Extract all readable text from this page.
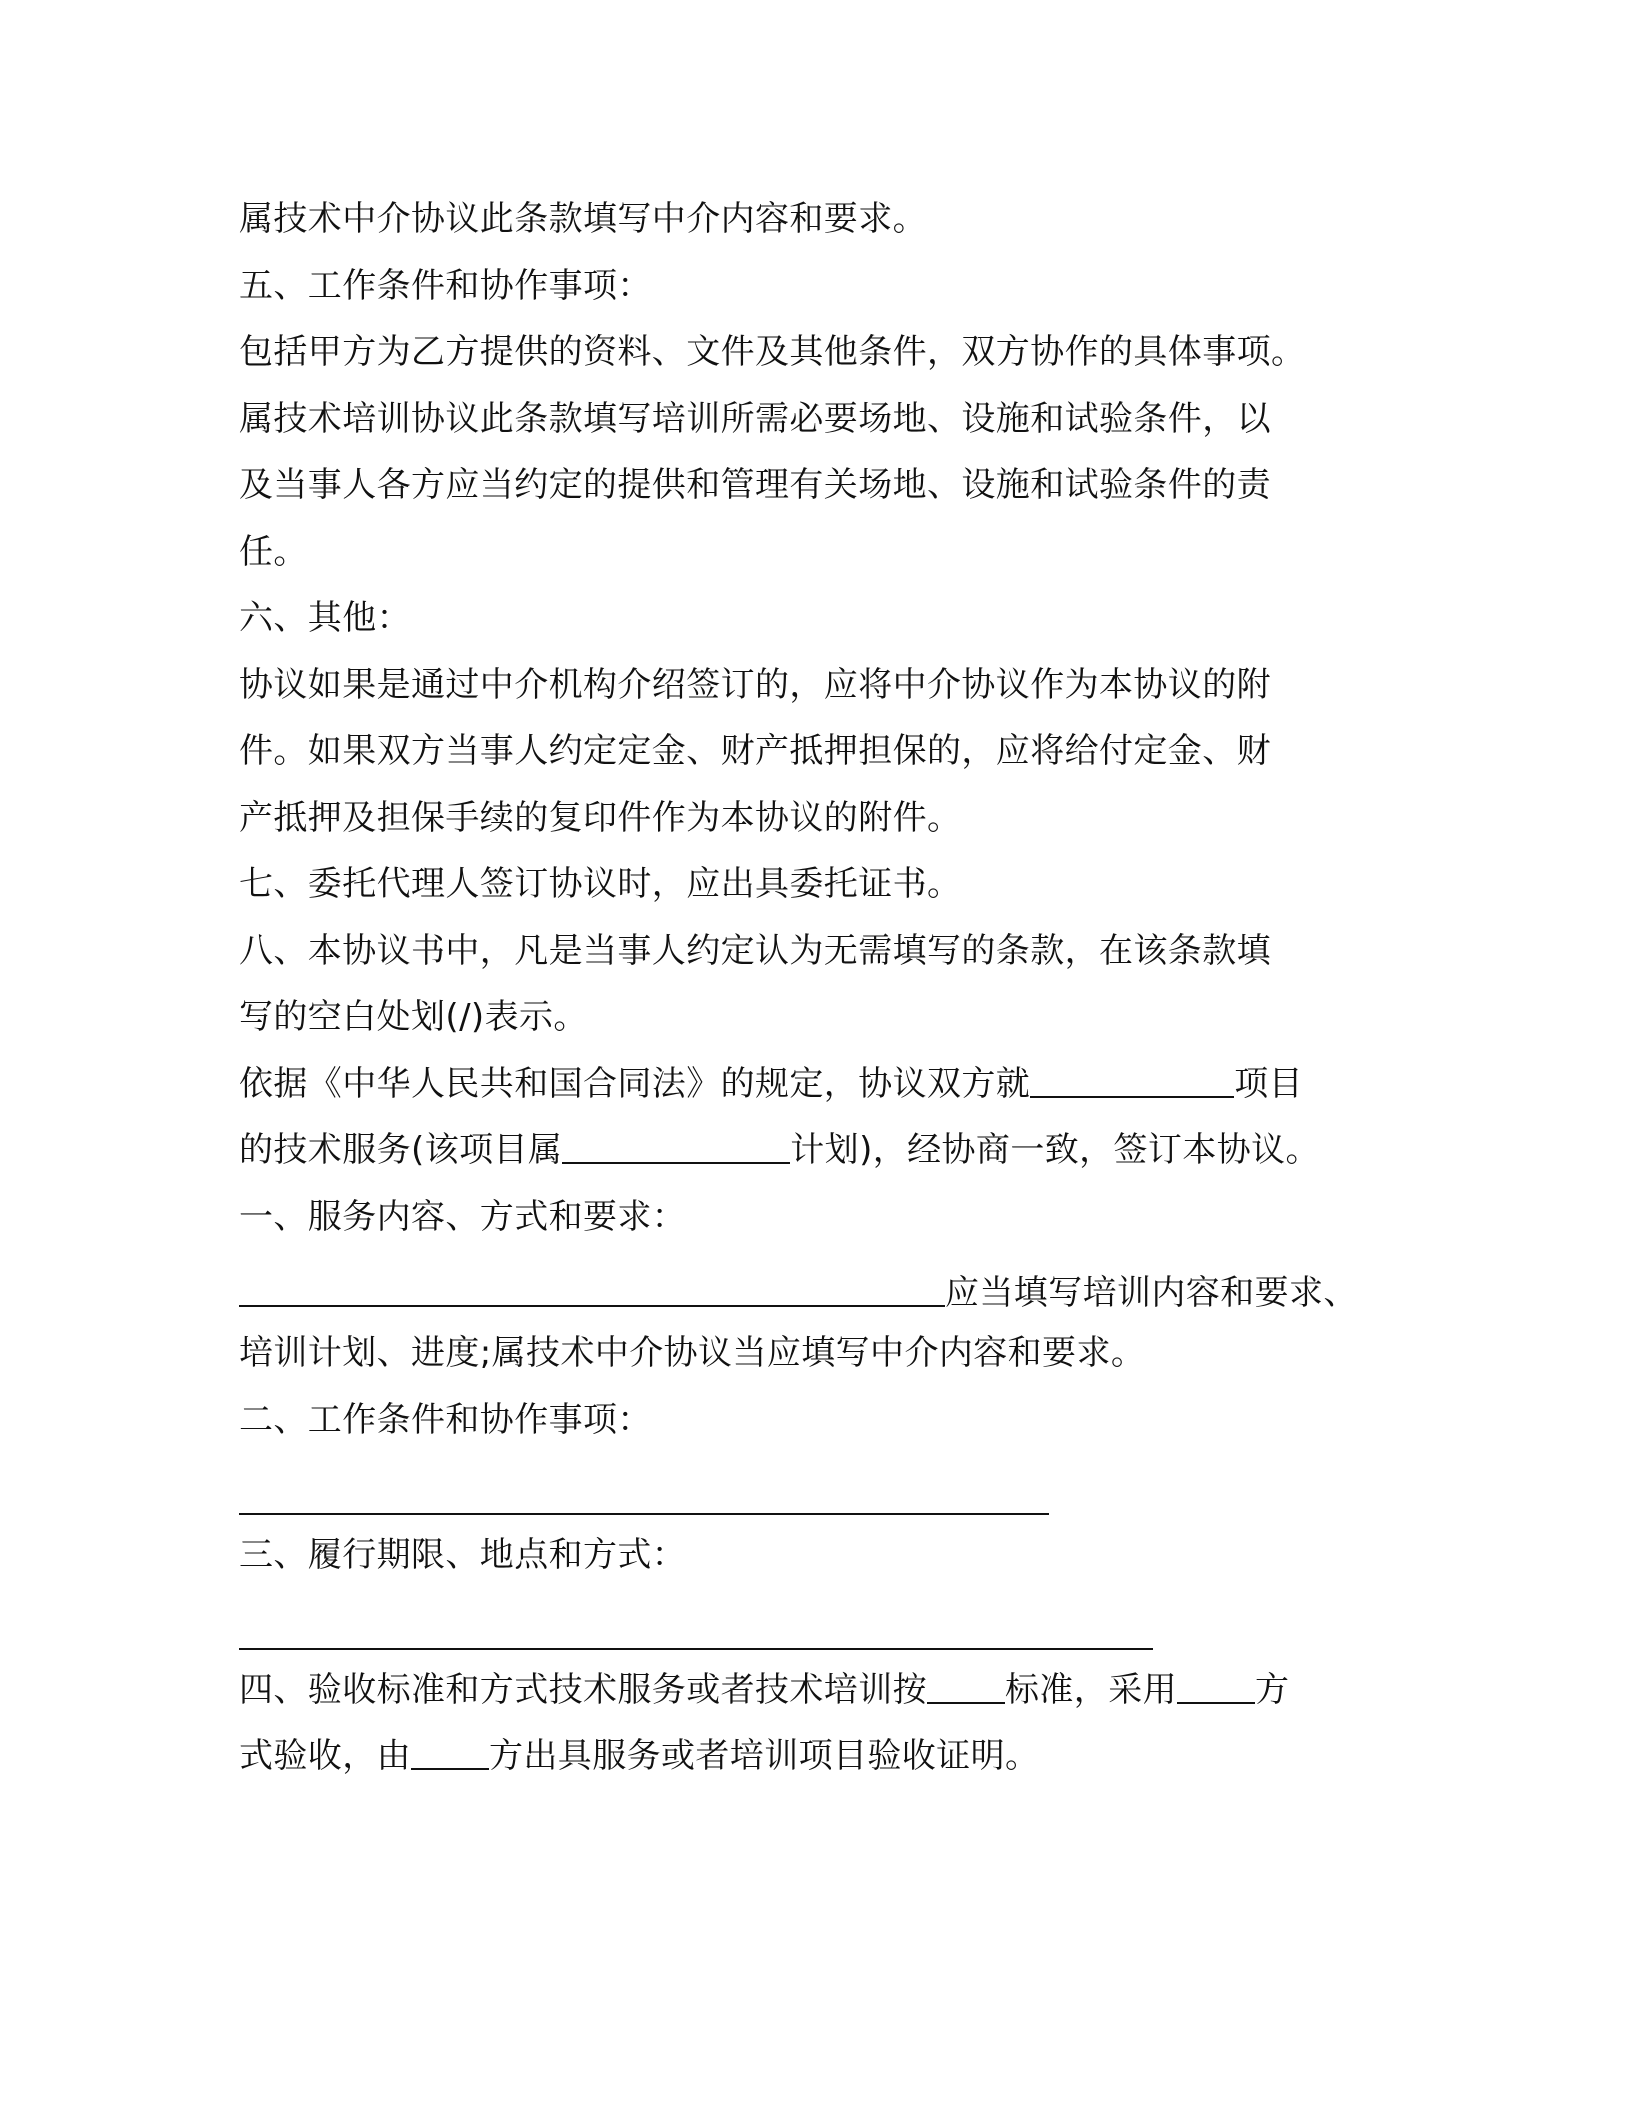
属技术中介协议此条款填写中介内容和要求。
五、工作条件和协作事项：
包括甲方为乙方提供的资料、文件及其他条件，双方协作的具体事项。
属技术培训协议此条款填写培训所需必要场地、设施和试验条件，以
及当事人各方应当约定的提供和管理有关场地、设施和试验条件的责
任。
六、其他：
协议如果是通过中介机构介绍签订的，应将中介协议作为本协议的附
件。如果双方当事人约定定金、财产抵押担保的，应将给付定金、财
产抵押及担保手续的复印件作为本协议的附件。
七、委托代理人签订协议时，应出具委托证书。
八、本协议书中，凡是当事人约定认为无需填写的条款，在该条款填
写的空白处划(/)表示。
依据《中华人民共和国合同法》的规定，协议双方就	项目
的技术服务(该项目属	计划)，经协商一致，签订本协议。
一、服务内容、方式和要求：
应当填写培训内容和要求、
培训计划、进度;属技术中介协议当应填写中介内容和要求。
二、工作条件和协作事项：
三、履行期限、地点和方式：
四、验收标准和方式技术服务或者技术培训按 标准，采用 方
式验收，由 方出具服务或者培训项目验收证明。
